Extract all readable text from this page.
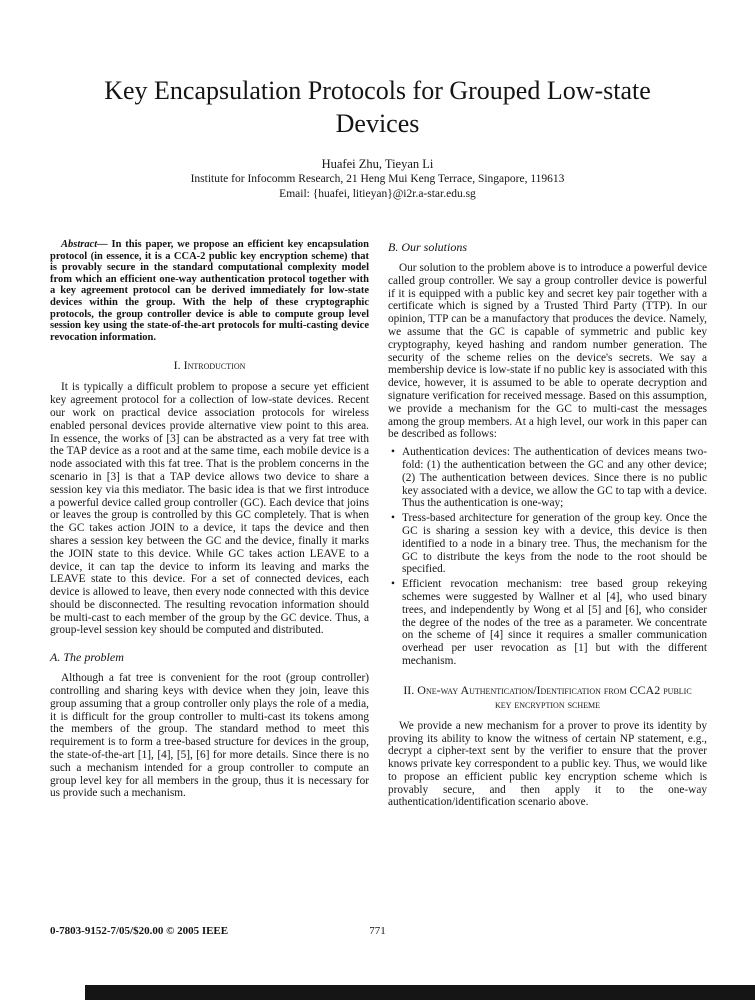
Key Encapsulation Protocols for Grouped Low-state Devices
Huafei Zhu, Tieyan Li
Institute for Infocomm Research, 21 Heng Mui Keng Terrace, Singapore, 119613
Email: {huafei, litieyan}@i2r.a-star.edu.sg

Abstract— In this paper, we propose an efficient key encapsulation protocol (in essence, it is a CCA-2 public key encryption scheme) that is provably secure in the standard computational complexity model from which an efficient one-way authentication protocol together with a key agreement protocol can be derived immediately for low-state devices within the group. With the help of these cryptographic protocols, the group controller device is able to compute group level session key using the state-of-the-art protocols for multi-casting device revocation information.

I. Introduction

It is typically a difficult problem to propose a secure yet efficient key agreement protocol for a collection of low-state devices. Recent our work on practical device association protocols for wireless enabled personal devices provide alternative view point to this area. In essence, the works of [3] can be abstracted as a very fat tree with the TAP device as a root and at the same time, each mobile device is a node associated with this fat tree. That is the problem concerns in the scenario in [3] is that a TAP device allows two device to share a session key via this mediator. The basic idea is that we first introduce a powerful device called group controller (GC). Each device that joins or leaves the group is controlled by this GC completely. That is when the GC takes action JOIN to a device, it taps the device and then shares a session key between the GC and the device, finally it marks the JOIN state to this device. While GC takes action LEAVE to a device, it can tap the device to inform its leaving and marks the LEAVE state to this device. For a set of connected devices, each device is allowed to leave, then every node connected with this device should be disconnected. The resulting revocation information should be multi-cast to each member of the group by the GC device. Thus, a group-level session key should be computed and distributed.

A. The problem

Although a fat tree is convenient for the root (group controller) controlling and sharing keys with device when they join, leave this group assuming that a group controller only plays the role of a media, it is difficult for the group controller to multi-cast its tokens among the members of the group. The standard method to meet this requirement is to form a tree-based structure for devices in the group, the state-of-the-art [1], [4], [5], [6] for more details. Since there is no such a mechanism intended for a group controller to compute an group level key for all members in the group, thus it is necessary for us provide such a mechanism.

B. Our solutions

Our solution to the problem above is to introduce a powerful device called group controller. We say a group controller device is powerful if it is equipped with a public key and secret key pair together with a certificate which is signed by a Trusted Third Party (TTP). In our opinion, TTP can be a manufactory that produces the device. Namely, we assume that the GC is capable of symmetric and public key cryptography, keyed hashing and random number generation. The security of the scheme relies on the device's secrets. We say a membership device is low-state if no public key is associated with this device, however, it is assumed to be able to operate decryption and signature verification for received message. Based on this assumption, we provide a mechanism for the GC to multi-cast the messages among the group members. At a high level, our work in this paper can be described as follows:

•
Authentication devices: The authentication of devices means two-fold: (1) the authentication between the GC and any other device; (2) The authentication between devices. Since there is no public key associated with a device, we allow the GC to tap with a device. Thus the authentication is one-way;
•
Tress-based architecture for generation of the group key. Once the GC is sharing a session key with a device, this device is then identified to a node in a binary tree. Thus, the mechanism for the GC to distribute the keys from the node to the root should be specified.
•
Efficient revocation mechanism: tree based group rekeying schemes were suggested by Wallner et al [4], who used binary trees, and independently by Wong et al [5] and [6], who consider the degree of the nodes of the tree as a parameter. We concentrate on the scheme of [4] since it requires a smaller communication overhead per user revocation as [1] but with the different mechanism.
II. One-way Authentication/Identification from CCA2 public key encryption scheme

We provide a new mechanism for a prover to prove its identity by proving its ability to know the witness of certain NP statement, e.g., decrypt a cipher-text sent by the verifier to ensure that the prover knows private key correspondent to a public key. Thus, we would like to propose an efficient public key encryption scheme which is provably secure, and then apply it to the one-way authentication/identification scenario above.

0-7803-9152-7/05/$20.00 © 2005 IEEE	771
